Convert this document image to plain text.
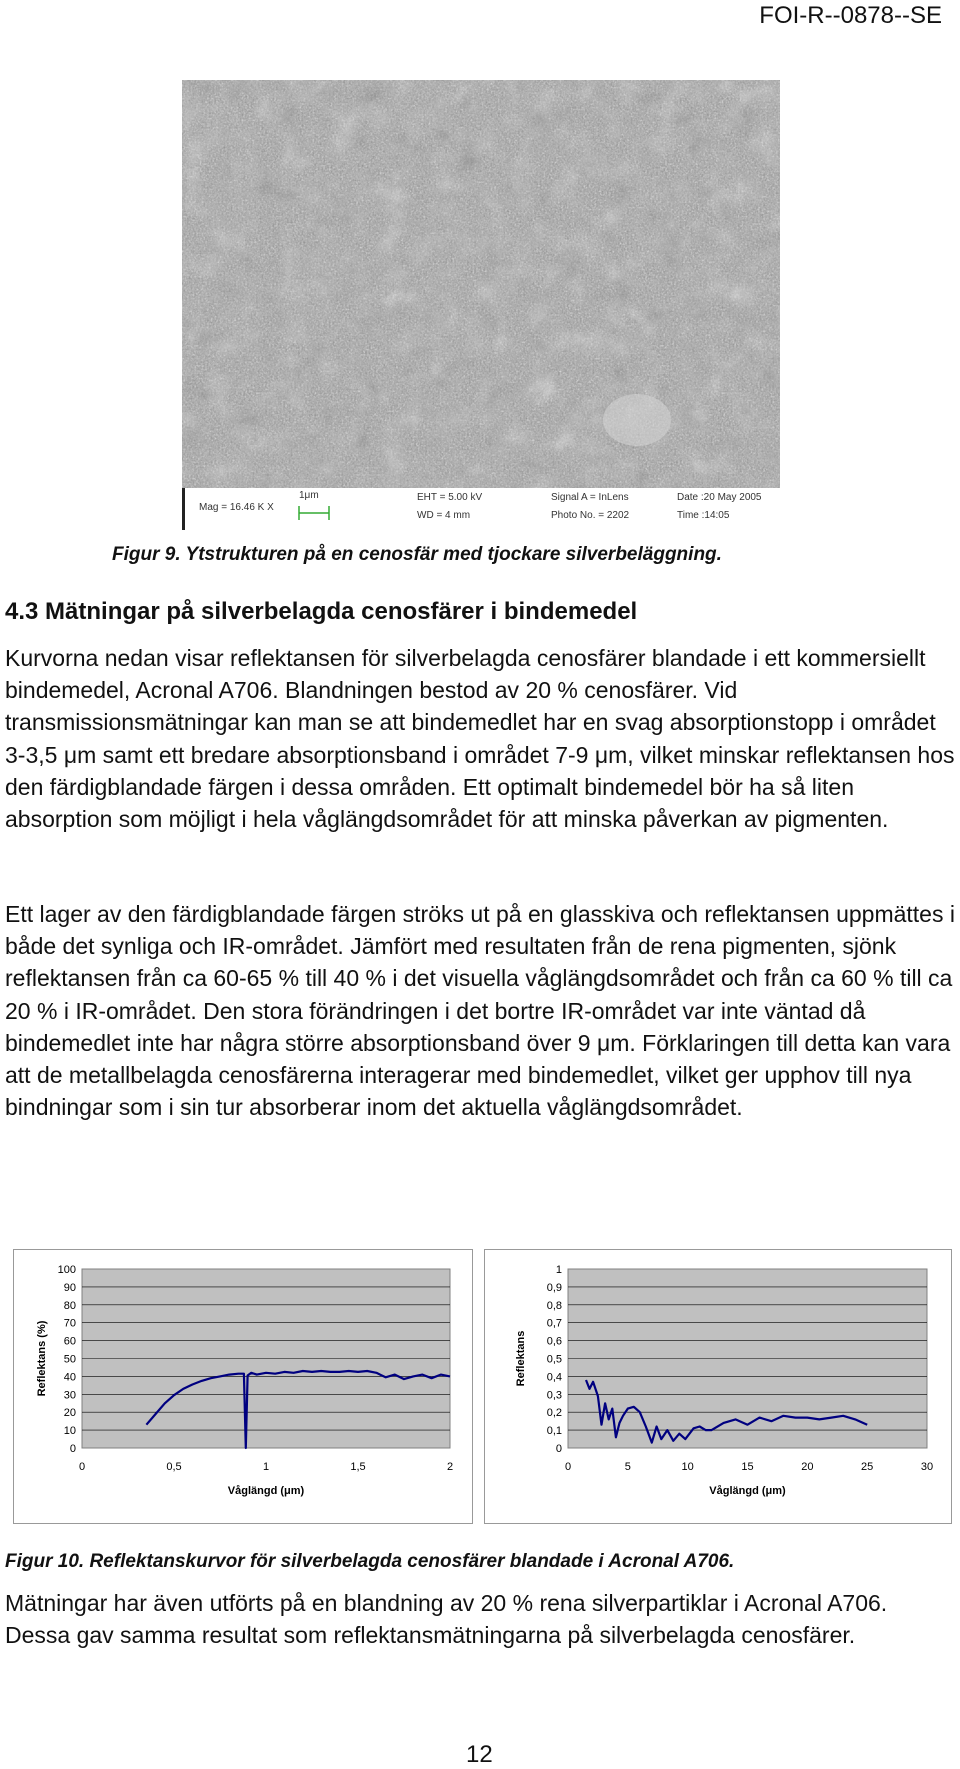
FOI-R--0878--SE
Mag = 16.46 K X
1μm	EHT = 5.00 kV
WD = 4 mm
Signal A = InLens
Photo No. = 2202
Date :20 May 2005
Time :14:05
Figur 9. Ytstrukturen på en cenosfär med tjockare silverbeläggning.
4.3 Mätningar på silverbelagda cenosfärer i bindemedel

Kurvorna nedan visar reflektansen för silverbelagda cenosfärer blandade i ett kommersiellt bindemedel, Acronal A706. Blandningen bestod av 20 % cenosfärer. Vid transmissionsmätningar kan man se att bindemedlet har en svag absorptionstopp i området 3-3,5 μm samt ett bredare absorptionsband i området 7-9 μm, vilket minskar reflektansen hos den färdigblandade färgen i dessa områden. Ett optimalt bindemedel bör ha så liten absorption som möjligt i hela våglängdsområdet för att minska påverkan av pigmenten.

Ett lager av den färdigblandade färgen ströks ut på en glasskiva och reflektansen uppmättes i både det synliga och IR-området. Jämfört med resultaten från de rena pigmenten, sjönk reflektansen från ca 60-65 % till 40 % i det visuella våglängdsområdet och från ca 60 % till ca 20 % i IR-området. Den stora förändringen i det bortre IR-området var inte väntad då bindemedlet inte har några större absorptionsband över 9 μm. Förklaringen till detta kan vara att de metallbelagda cenosfärerna interagerar med bindemedlet, vilket ger upphov till nya bindningar som i sin tur absorberar inom det aktuella våglängdsområdet.

0
10
20
30
40
50
60
70
80
90
100
0	0,5	1	1,5	2
Våglängd (μm)
Reflektans (%)
0
0,1
0,2
0,3
0,4
0,5
0,6
0,7
0,8
0,9
1
0	5	10	15	20	25	30
Våglängd (μm)
Reflektans
Figur 10. Reflektanskurvor för silverbelagda cenosfärer blandade i Acronal A706.

Mätningar har även utförts på en blandning av 20 % rena silverpartiklar i Acronal A706. Dessa gav samma resultat som reflektansmätningarna på silverbelagda cenosfärer.

12
